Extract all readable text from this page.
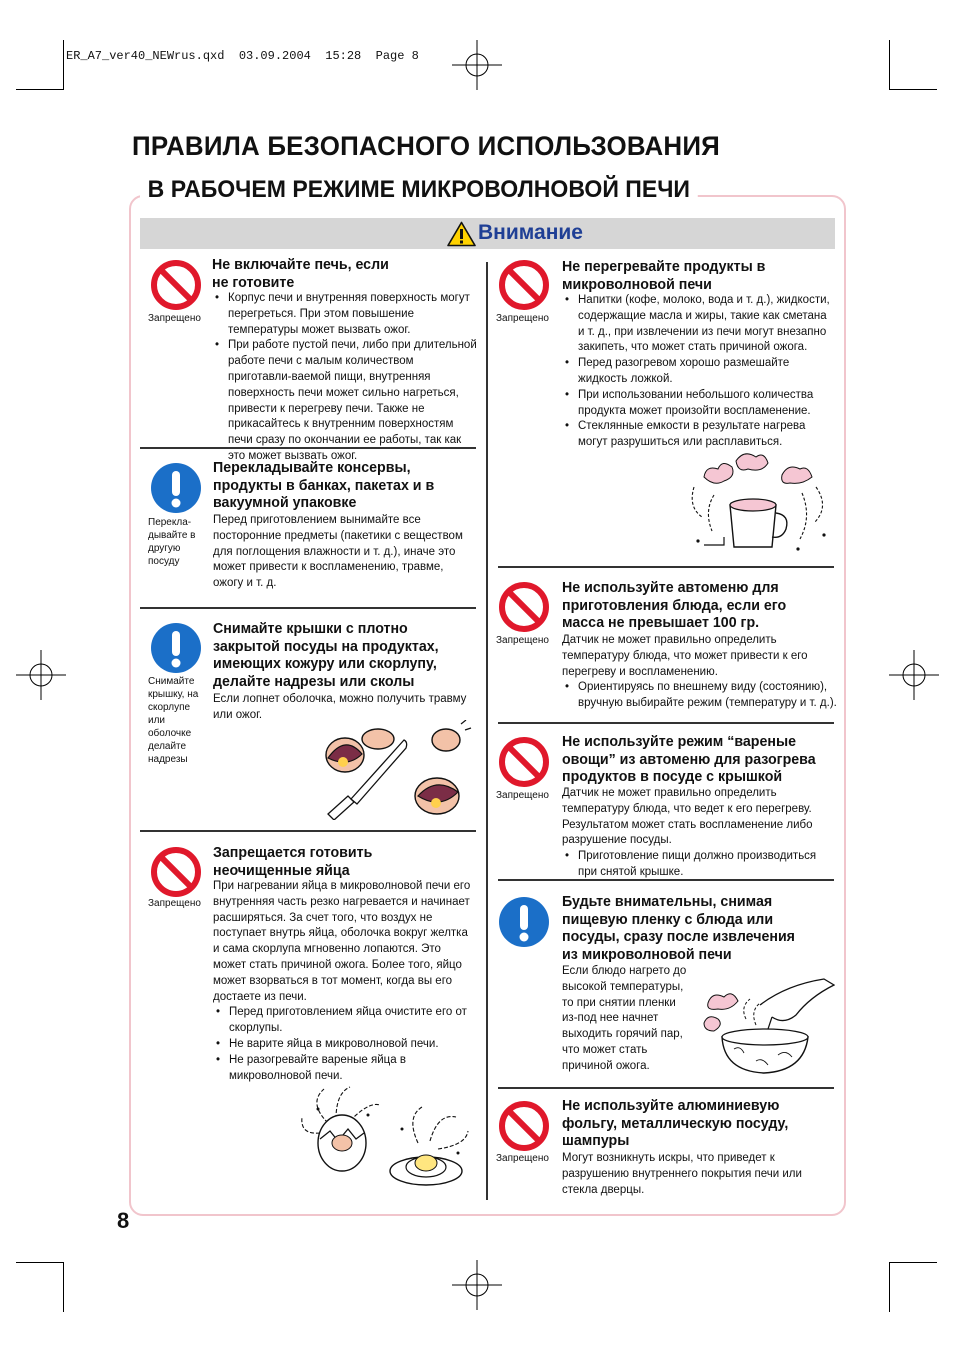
ER_A7_ver40_NEWrus.qxd  03.09.2004  15:28  Page 8
ПРАВИЛА БЕЗОПАСНОГО ИСПОЛЬЗОВАНИЯ
В РАБОЧЕМ РЕЖИМЕ МИКРОВОЛНОВОЙ ПЕЧИ
Внимание
Запрещено
Не включайте печь, если не готовите
• Корпус печи и внутренняя поверхность могут перегреться. При этом повышение температуры может вызвать ожог.
• При работе пустой печи, либо при длительной работе печи с малым количеством приготавли-ваемой пищи, внутренняя поверхность печи может сильно нагреться, привести к перегреву печи. Также не прикасайтесь к внутренним поверхностям печи сразу по окончании ее работы, так как это может вызвать ожог.
Перекла-дывайте в другую посуду
Перекладывайте консервы, продукты в банках, пакетах и в вакуумной упаковке

Перед приготовлением вынимайте все посторонние предметы (пакетики с веществом для поглощения влажности и т. д.), иначе это может привести к воспламенению, травме, ожогу и т. д.

Снимайте крышку, на скорлупе или оболочке делайте надрезы
Снимайте крышки с плотно закрытой посуды на продуктах, имеющих кожуру или скорлупу, делайте надрезы или сколы

Если лопнет оболочка, можно получить травму или ожог.

Запрещено
Запрещается готовить неочищенные яйца

При нагревании яйца в микроволновой печи его внутренняя часть резко нагревается и начинает расширяться. За счет того, что воздух не поступает внутрь яйца, оболочка вокруг желтка и сама скорлупа мгновенно лопаются. Это может стать причиной ожога. Более того, яйцо может взорваться в тот момент, когда вы его достаете из печи.

• Перед приготовлением яйца очистите его от скорлупы.
• Не варите яйца в микроволновой печи.
• Не разогревайте вареные яйца в микроволновой печи.
Запрещено
Не перегревайте продукты в микроволновой печи
• Напитки (кофе, молоко, вода и т. д.), жидкости, содержащие масла и жиры, такие как сметана и т. д., при извлечении из печи могут внезапно закипеть, что может стать причиной ожога.
• Перед разогревом хорошо размешайте жидкость ложкой.
• При использовании небольшого количества продукта может произойти воспламенение.
• Стеклянные емкости в результате нагрева могут разрушиться или расплавиться.
Запрещено
Не используйте автоменю для приготовления блюда, если его масса не превышает 100 гр.

Датчик не может правильно определить температуру блюда, что может привести к его перегреву и воспламенению.

• Ориентируясь по внешнему виду (состоянию), вручную выбирайте режим (температуру и т. д.).
Запрещено
Не используйте режим “вареные овощи” из автоменю для разогрева продуктов в посуде с крышкой

Датчик не может правильно определить температуру блюда, что ведет к его перегреву. Результатом может стать воспламенение либо разрушение посуды.

• Приготовление пищи должно производиться при снятой крышке.
Будьте внимательны, снимая пищевую пленку с блюда или посуды, сразу после извлечения из микроволновой печи

Если блюдо нагрето до высокой температуры, то при снятии пленки из-под нее начнет выходить горячий пар, что может стать причиной ожога.

Запрещено
Не используйте алюминиевую фольгу, металлическую посуду, шампуры

Могут возникнуть искры, что приведет к разрушению внутреннего покрытия печи или стекла дверцы.

8
